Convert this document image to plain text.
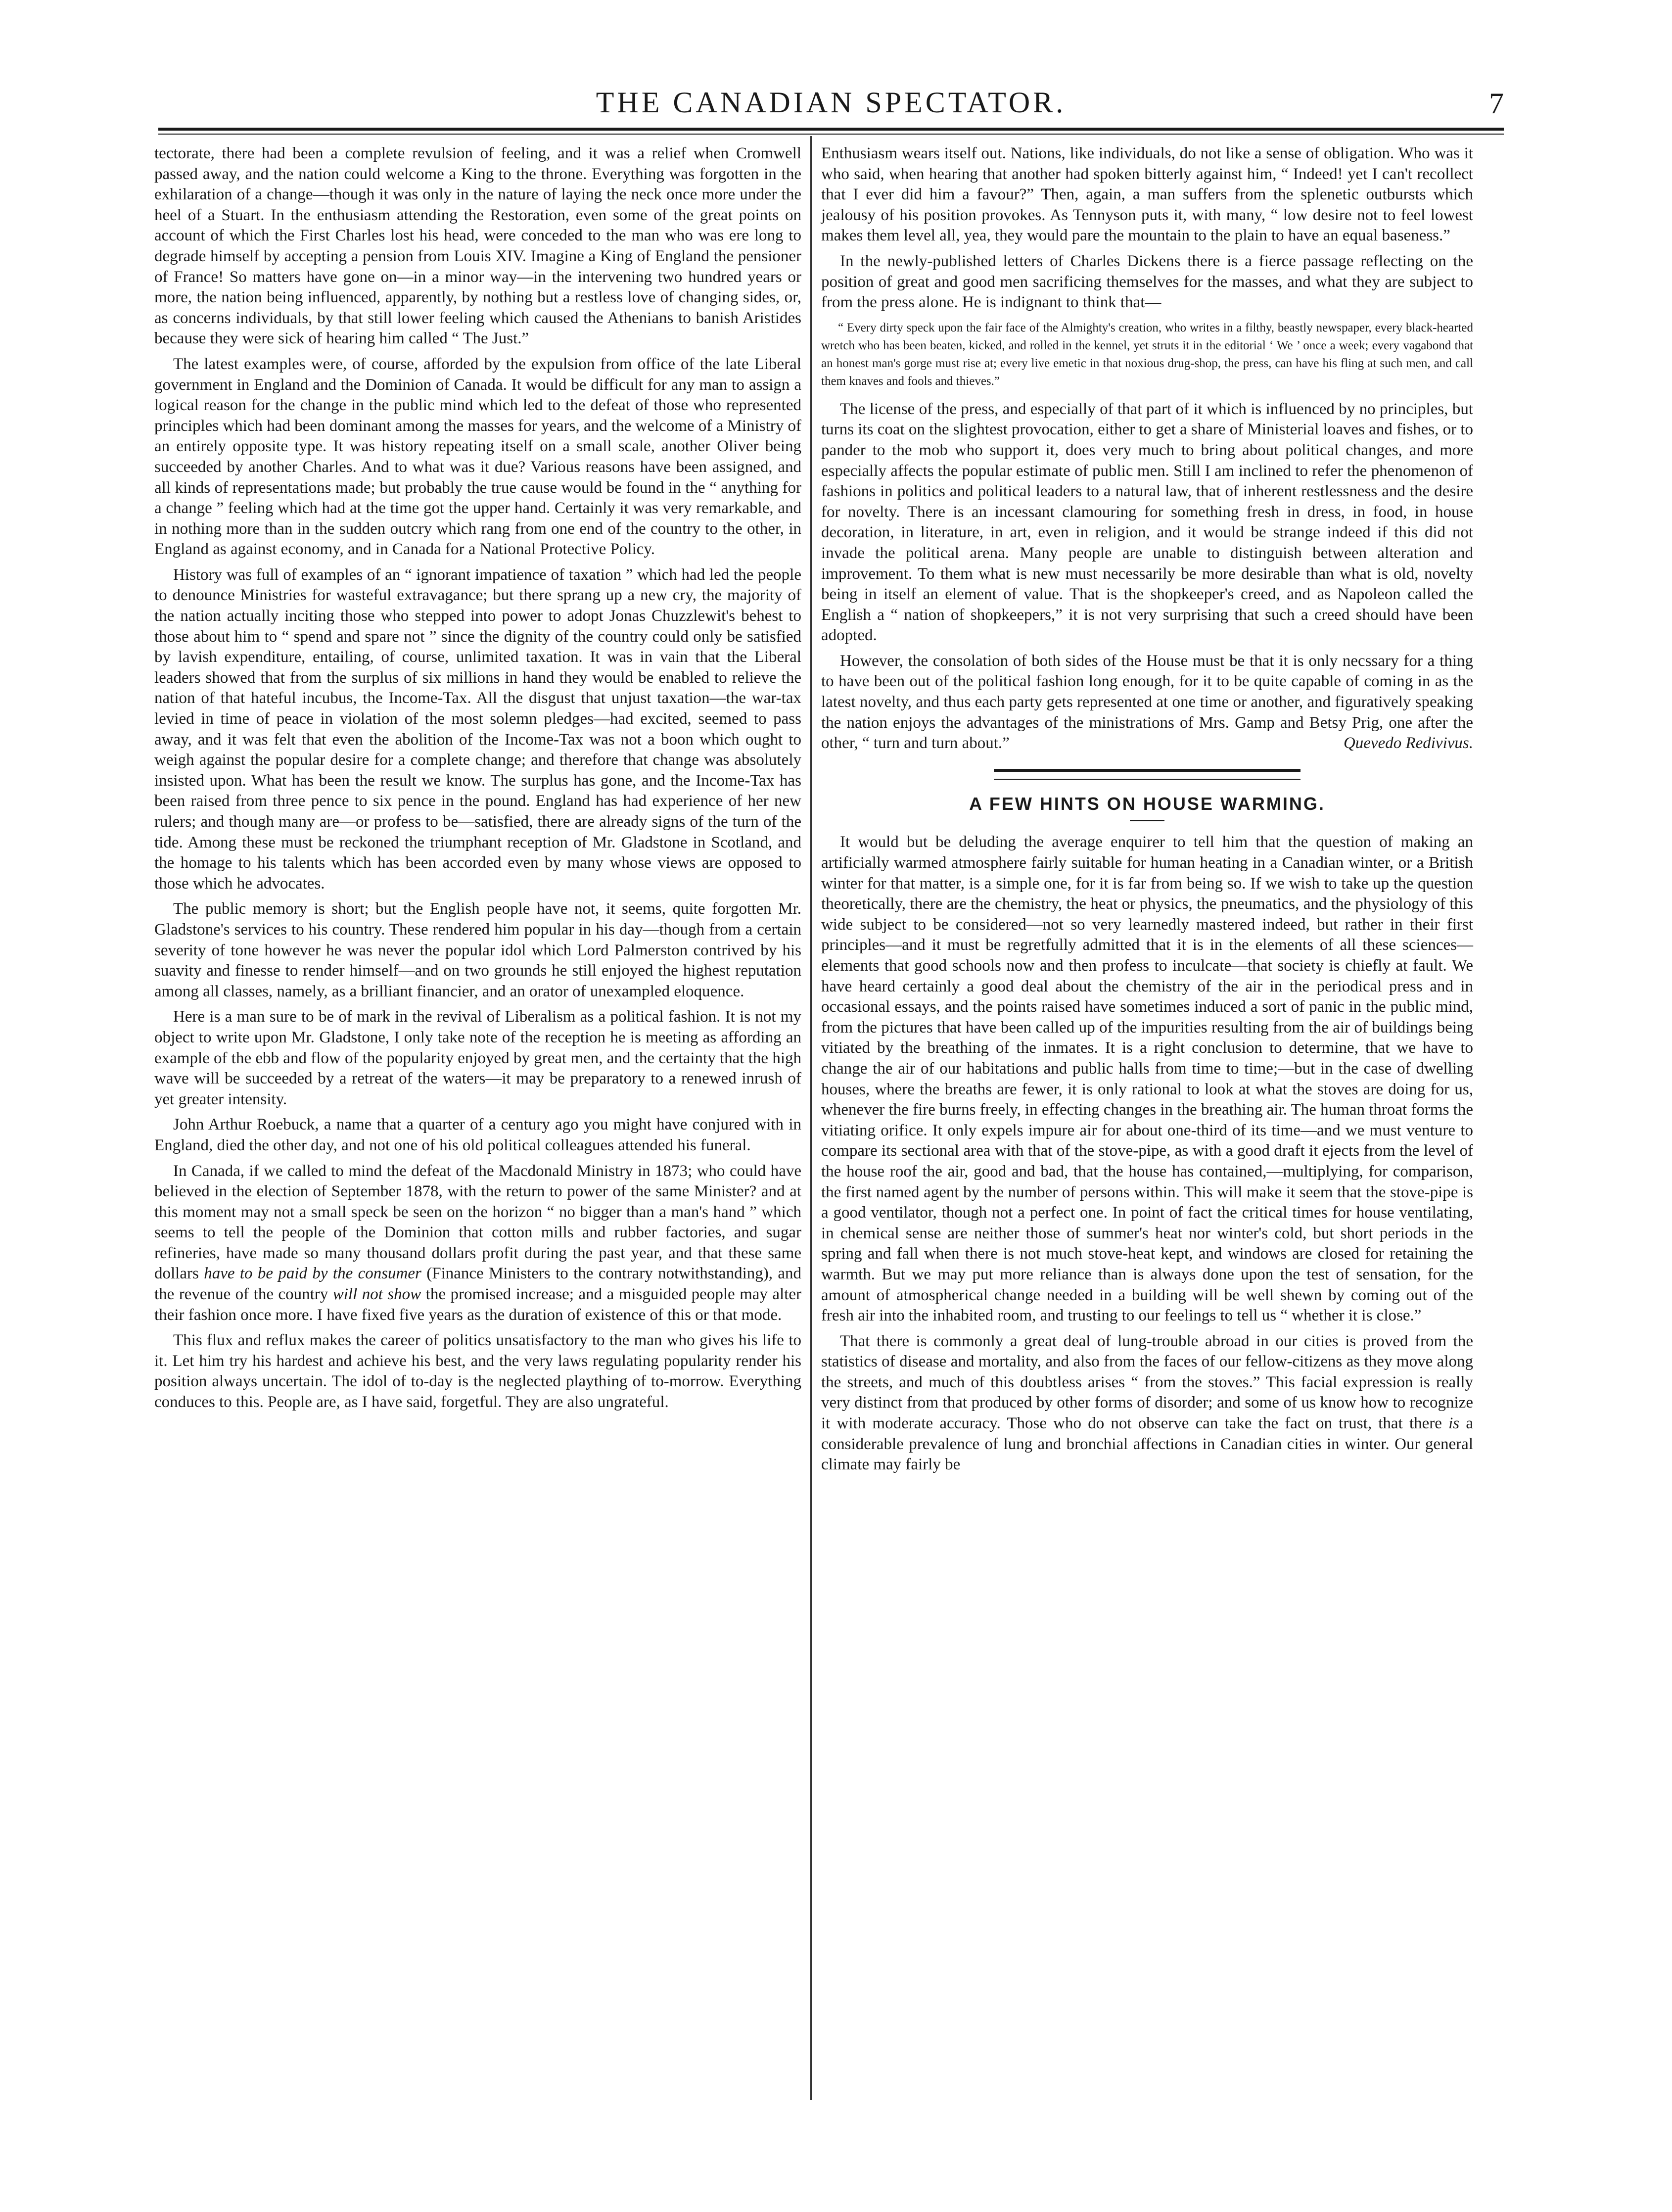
THE CANADIAN SPECTATOR.	7

tectorate, there had been a complete revulsion of feeling, and it was a relief when Cromwell passed away, and the nation could welcome a King to the throne. Everything was forgotten in the exhilaration of a change—though it was only in the nature of laying the neck once more under the heel of a Stuart. In the enthusiasm attending the Restoration, even some of the great points on account of which the First Charles lost his head, were conceded to the man who was ere long to degrade himself by accepting a pension from Louis XIV. Imagine a King of England the pensioner of France! So matters have gone on—in a minor way—in the intervening two hundred years or more, the nation being influenced, apparently, by nothing but a restless love of changing sides, or, as concerns individuals, by that still lower feeling which caused the Athenians to banish Aristides because they were sick of hearing him called “ The Just.”

The latest examples were, of course, afforded by the expulsion from office of the late Liberal government in England and the Dominion of Canada. It would be difficult for any man to assign a logical reason for the change in the public mind which led to the defeat of those who represented principles which had been dominant among the masses for years, and the welcome of a Ministry of an entirely opposite type. It was history repeating itself on a small scale, another Oliver being succeeded by another Charles. And to what was it due? Various reasons have been assigned, and all kinds of representations made; but probably the true cause would be found in the “ anything for a change ” feeling which had at the time got the upper hand. Certainly it was very remarkable, and in nothing more than in the sudden outcry which rang from one end of the country to the other, in England as against economy, and in Canada for a National Protective Policy.

History was full of examples of an “ ignorant impatience of taxation ” which had led the people to denounce Ministries for wasteful extravagance; but there sprang up a new cry, the majority of the nation actually inciting those who stepped into power to adopt Jonas Chuzzlewit's behest to those about him to “ spend and spare not ” since the dignity of the country could only be satisfied by lavish expenditure, entailing, of course, unlimited taxation. It was in vain that the Liberal leaders showed that from the surplus of six millions in hand they would be enabled to relieve the nation of that hateful incubus, the Income-Tax. All the disgust that unjust taxation—the war-tax levied in time of peace in violation of the most solemn pledges—had excited, seemed to pass away, and it was felt that even the abolition of the Income-Tax was not a boon which ought to weigh against the popular desire for a complete change; and therefore that change was absolutely insisted upon. What has been the result we know. The surplus has gone, and the Income-Tax has been raised from three pence to six pence in the pound. England has had experience of her new rulers; and though many are—or profess to be—satisfied, there are already signs of the turn of the tide. Among these must be reckoned the triumphant reception of Mr. Gladstone in Scotland, and the homage to his talents which has been accorded even by many whose views are opposed to those which he advocates.

The public memory is short; but the English people have not, it seems, quite forgotten Mr. Gladstone's services to his country. These rendered him popular in his day—though from a certain severity of tone however he was never the popular idol which Lord Palmerston contrived by his suavity and finesse to render himself—and on two grounds he still enjoyed the highest reputation among all classes, namely, as a brilliant financier, and an orator of unexampled eloquence.

Here is a man sure to be of mark in the revival of Liberalism as a political fashion. It is not my object to write upon Mr. Gladstone, I only take note of the reception he is meeting as affording an example of the ebb and flow of the popularity enjoyed by great men, and the certainty that the high wave will be succeeded by a retreat of the waters—it may be preparatory to a renewed inrush of yet greater intensity.

John Arthur Roebuck, a name that a quarter of a century ago you might have conjured with in England, died the other day, and not one of his old political colleagues attended his funeral.

In Canada, if we called to mind the defeat of the Macdonald Ministry in 1873; who could have believed in the election of September 1878, with the return to power of the same Minister? and at this moment may not a small speck be seen on the horizon “ no bigger than a man's hand ” which seems to tell the people of the Dominion that cotton mills and rubber factories, and sugar refineries, have made so many thousand dollars profit during the past year, and that these same dollars have to be paid by the consumer (Finance Ministers to the contrary notwithstanding), and the revenue of the country will not show the promised increase; and a misguided people may alter their fashion once more. I have fixed five years as the duration of existence of this or that mode.

This flux and reflux makes the career of politics unsatisfactory to the man who gives his life to it. Let him try his hardest and achieve his best, and the very laws regulating popularity render his position always uncertain. The idol of to-day is the neglected plaything of to-morrow. Everything conduces to this. People are, as I have said, forgetful. They are also ungrateful.

Enthusiasm wears itself out. Nations, like individuals, do not like a sense of obligation. Who was it who said, when hearing that another had spoken bitterly against him, “ Indeed! yet I can't recollect that I ever did him a favour?” Then, again, a man suffers from the splenetic outbursts which jealousy of his position provokes. As Tennyson puts it, with many, “ low desire not to feel lowest makes them level all, yea, they would pare the mountain to the plain to have an equal baseness.”

In the newly-published letters of Charles Dickens there is a fierce passage reflecting on the position of great and good men sacrificing themselves for the masses, and what they are subject to from the press alone. He is indignant to think that—

“ Every dirty speck upon the fair face of the Almighty's creation, who writes in a filthy, beastly newspaper, every black-hearted wretch who has been beaten, kicked, and rolled in the kennel, yet struts it in the editorial ‘ We ’ once a week; every vagabond that an honest man's gorge must rise at; every live emetic in that noxious drug-shop, the press, can have his fling at such men, and call them knaves and fools and thieves.”

The license of the press, and especially of that part of it which is influenced by no principles, but turns its coat on the slightest provocation, either to get a share of Ministerial loaves and fishes, or to pander to the mob who support it, does very much to bring about political changes, and more especially affects the popular estimate of public men. Still I am inclined to refer the phenomenon of fashions in politics and political leaders to a natural law, that of inherent restlessness and the desire for novelty. There is an incessant clamouring for something fresh in dress, in food, in house decoration, in literature, in art, even in religion, and it would be strange indeed if this did not invade the political arena. Many people are unable to distinguish between alteration and improvement. To them what is new must necessarily be more desirable than what is old, novelty being in itself an element of value. That is the shopkeeper's creed, and as Napoleon called the English a “ nation of shopkeepers,” it is not very surprising that such a creed should have been adopted.

However, the consolation of both sides of the House must be that it is only necssary for a thing to have been out of the political fashion long enough, for it to be quite capable of coming in as the latest novelty, and thus each party gets represented at one time or another, and figuratively speaking the nation enjoys the advantages of the ministrations of Mrs. Gamp and Betsy Prig, one after the other, “ turn and turn about.”	Quevedo Redivivus.

A FEW HINTS ON HOUSE WARMING.

It would but be deluding the average enquirer to tell him that the question of making an artificially warmed atmosphere fairly suitable for human heating in a Canadian winter, or a British winter for that matter, is a simple one, for it is far from being so. If we wish to take up the question theoretically, there are the chemistry, the heat or physics, the pneumatics, and the physiology of this wide subject to be considered—not so very learnedly mastered indeed, but rather in their first principles—and it must be regretfully admitted that it is in the elements of all these sciences—elements that good schools now and then profess to inculcate—that society is chiefly at fault. We have heard certainly a good deal about the chemistry of the air in the periodical press and in occasional essays, and the points raised have sometimes induced a sort of panic in the public mind, from the pictures that have been called up of the impurities resulting from the air of buildings being vitiated by the breathing of the inmates. It is a right conclusion to determine, that we have to change the air of our habitations and public halls from time to time;—but in the case of dwelling houses, where the breaths are fewer, it is only rational to look at what the stoves are doing for us, whenever the fire burns freely, in effecting changes in the breathing air. The human throat forms the vitiating orifice. It only expels impure air for about one-third of its time—and we must venture to compare its sectional area with that of the stove-pipe, as with a good draft it ejects from the level of the house roof the air, good and bad, that the house has contained,—multiplying, for comparison, the first named agent by the number of persons within. This will make it seem that the stove-pipe is a good ventilator, though not a perfect one. In point of fact the critical times for house ventilating, in chemical sense are neither those of summer's heat nor winter's cold, but short periods in the spring and fall when there is not much stove-heat kept, and windows are closed for retaining the warmth. But we may put more reliance than is always done upon the test of sensation, for the amount of atmospherical change needed in a building will be well shewn by coming out of the fresh air into the inhabited room, and trusting to our feelings to tell us “ whether it is close.”

That there is commonly a great deal of lung-trouble abroad in our cities is proved from the statistics of disease and mortality, and also from the faces of our fellow-citizens as they move along the streets, and much of this doubtless arises “ from the stoves.” This facial expression is really very distinct from that produced by other forms of disorder; and some of us know how to recognize it with moderate accuracy. Those who do not observe can take the fact on trust, that there is a considerable prevalence of lung and bronchial affections in Canadian cities in winter. Our general climate may fairly be
